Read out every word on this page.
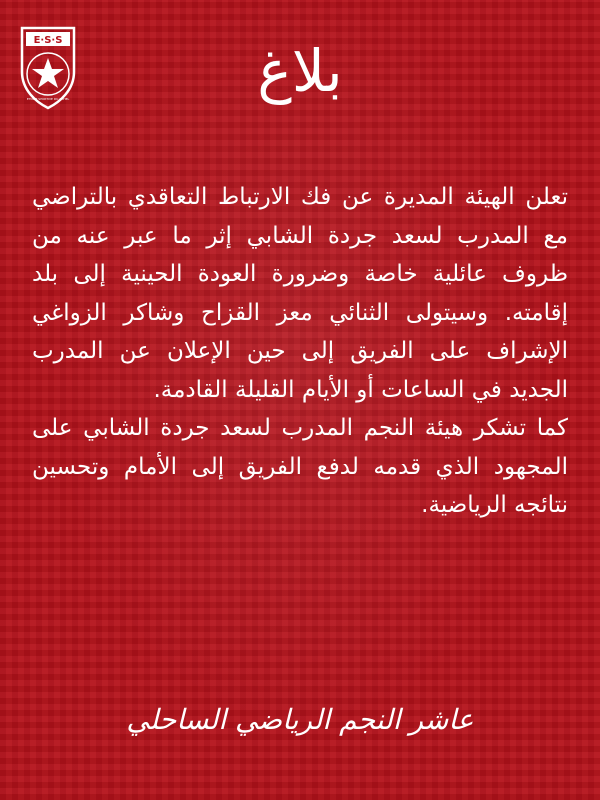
E·S·S
ETOILE SPORTIVE DU SAHEL	بلاغ

تعلن الهيئة المديرة عن فك الارتباط التعاقدي بالتراضي مع المدرب لسعد جردة الشابي إثر ما عبر عنه من ظروف عائلية خاصة وضرورة العودة الحينية إلى بلد إقامته. وسيتولى الثنائي معز القزاح وشاكر الزواغي الإشراف على الفريق إلى حين الإعلان عن المدرب الجديد في الساعات أو الأيام القليلة القادمة.

كما تشكر هيئة النجم المدرب لسعد جردة الشابي على المجهود الذي قدمه لدفع الفريق إلى الأمام وتحسين نتائجه الرياضية.

عاشر النجم الرياضي الساحلي
